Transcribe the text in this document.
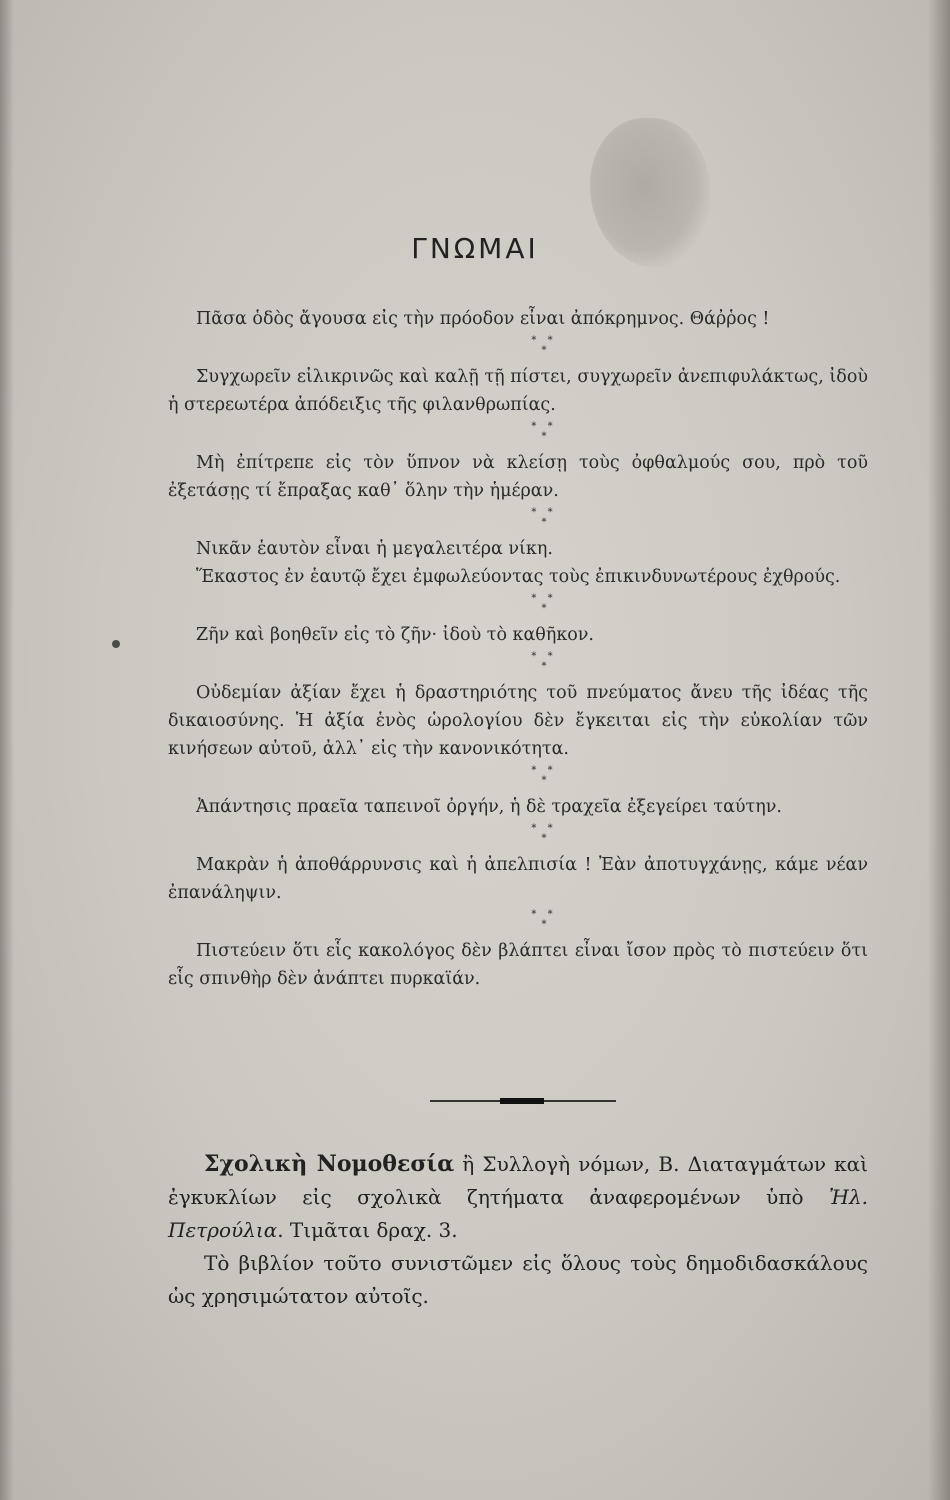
ΓΝΩΜΑΙ

Πᾶσα ὁδὸς ἄγουσα εἰς τὴν πρόοδον εἶναι ἀπόκρημνος. Θάῤῥος !

* *
*

Συγχωρεῖν εἰλικρινῶς καὶ καλῇ τῇ πίστει, συγχωρεῖν ἀνεπιφυλάκτως, ἰδοὺ ἡ στερεωτέρα ἀπόδειξις τῆς φιλανθρωπίας.

* *
*

Μὴ ἐπίτρεπε εἰς τὸν ὕπνον νὰ κλείσῃ τοὺς ὀφθαλμούς σου, πρὸ τοῦ ἐξετάσῃς τί ἔπραξας καθ᾽ ὅλην τὴν ἡμέραν.

* *
*

Νικᾶν ἑαυτὸν εἶναι ἡ μεγαλειτέρα νίκη.

Ἕκαστος ἐν ἑαυτῷ ἔχει ἐμφωλεύοντας τοὺς ἐπικινδυνωτέρους ἐχθρούς.

* *
*

Ζῆν καὶ βοηθεῖν εἰς τὸ ζῆν· ἰδοὺ τὸ καθῆκον.

* *
*

Οὐδεμίαν ἀξίαν ἔχει ἡ δραστηριότης τοῦ πνεύματος ἄνευ τῆς ἰδέας τῆς δικαιοσύνης. Ἡ ἀξία ἑνὸς ὡρολογίου δὲν ἔγκειται εἰς τὴν εὐκολίαν τῶν κινήσεων αὐτοῦ, ἀλλ᾽ εἰς τὴν κανονικότητα.

* *
*

Ἀπάντησις πραεῖα ταπεινοῖ ὀργήν, ἡ δὲ τραχεῖα ἐξεγείρει ταύτην.

* *
*

Μακρὰν ἡ ἀποθάρρυνσις καὶ ἡ ἀπελπισία ! Ἐὰν ἀποτυγχάνῃς, κάμε νέαν ἐπανάληψιν.

* *
*

Πιστεύειν ὅτι εἷς κακολόγος δὲν βλάπτει εἶναι ἴσον πρὸς τὸ πιστεύειν ὅτι εἷς σπινθὴρ δὲν ἀνάπτει πυρκαϊάν.

Σχολικὴ Νομοθεσία ἢ Συλλογὴ νόμων, Β. Διαταγμάτων καὶ ἐγκυκλίων εἰς σχολικὰ ζητήματα ἀναφερομένων ὑπὸ Ἠλ. Πετρούλια. Τιμᾶται δραχ. 3.

Τὸ βιβλίον τοῦτο συνιστῶμεν εἰς ὅλους τοὺς δημοδιδασκάλους ὡς χρησιμώτατον αὐτοῖς.
